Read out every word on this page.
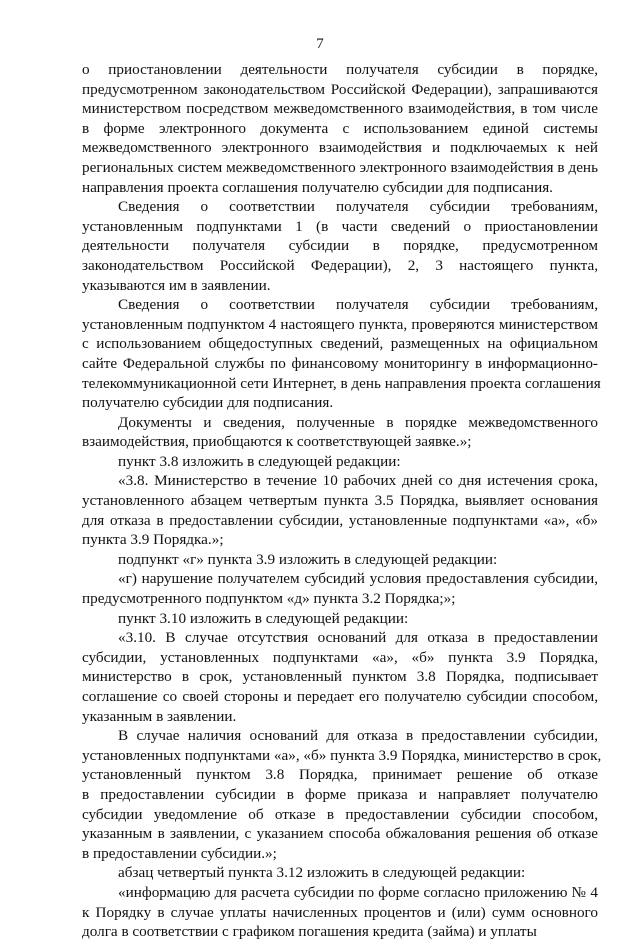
7

о приостановлении деятельности получателя субсидии в порядке,
предусмотренном законодательством Российской Федерации), запрашиваются
министерством посредством межведомственного взаимодействия, в том числе
в форме электронного документа с использованием единой системы
межведомственного электронного взаимодействия и подключаемых к ней
региональных систем межведомственного электронного взаимодействия в день
направления проекта соглашения получателю субсидии для подписания.

Сведения о соответствии получателя субсидии требованиям,
установленным подпунктами 1 (в части сведений о приостановлении
деятельности получателя субсидии в порядке, предусмотренном
законодательством Российской Федерации), 2, 3 настоящего пункта,
указываются им в заявлении.

Сведения о соответствии получателя субсидии требованиям,
установленным подпунктом 4 настоящего пункта, проверяются министерством
с использованием общедоступных сведений, размещенных на официальном
сайте Федеральной службы по финансовому мониторингу в информационно-
телекоммуникационной сети Интернет, в день направления проекта соглашения
получателю субсидии для подписания.

Документы и сведения, полученные в порядке межведомственного
взаимодействия, приобщаются к соответствующей заявке.»;

пункт 3.8 изложить в следующей редакции:

«3.8. Министерство в течение 10 рабочих дней со дня истечения срока,
установленного абзацем четвертым пункта 3.5 Порядка, выявляет основания
для отказа в предоставлении субсидии, установленные подпунктами «а», «б»
пункта 3.9 Порядка.»;

подпункт «г» пункта 3.9 изложить в следующей редакции:

«г) нарушение получателем субсидий условия предоставления субсидии,
предусмотренного подпунктом «д» пункта 3.2 Порядка;»;

пункт 3.10 изложить в следующей редакции:

«3.10. В случае отсутствия оснований для отказа в предоставлении
субсидии, установленных подпунктами «а», «б» пункта 3.9 Порядка,
министерство в срок, установленный пунктом 3.8 Порядка, подписывает
соглашение со своей стороны и передает его получателю субсидии способом,
указанным в заявлении.

В случае наличия оснований для отказа в предоставлении субсидии,
установленных подпунктами «а», «б» пункта 3.9 Порядка, министерство в срок,
установленный пунктом 3.8 Порядка, принимает решение об отказе
в предоставлении субсидии в форме приказа и направляет получателю
субсидии уведомление об отказе в предоставлении субсидии способом,
указанным в заявлении, с указанием способа обжалования решения об отказе
в предоставлении субсидии.»;

абзац четвертый пункта 3.12 изложить в следующей редакции:

«информацию для расчета субсидии по форме согласно приложению № 4
к Порядку в случае уплаты начисленных процентов и (или) сумм основного
долга в соответствии с графиком погашения кредита (займа) и уплаты
